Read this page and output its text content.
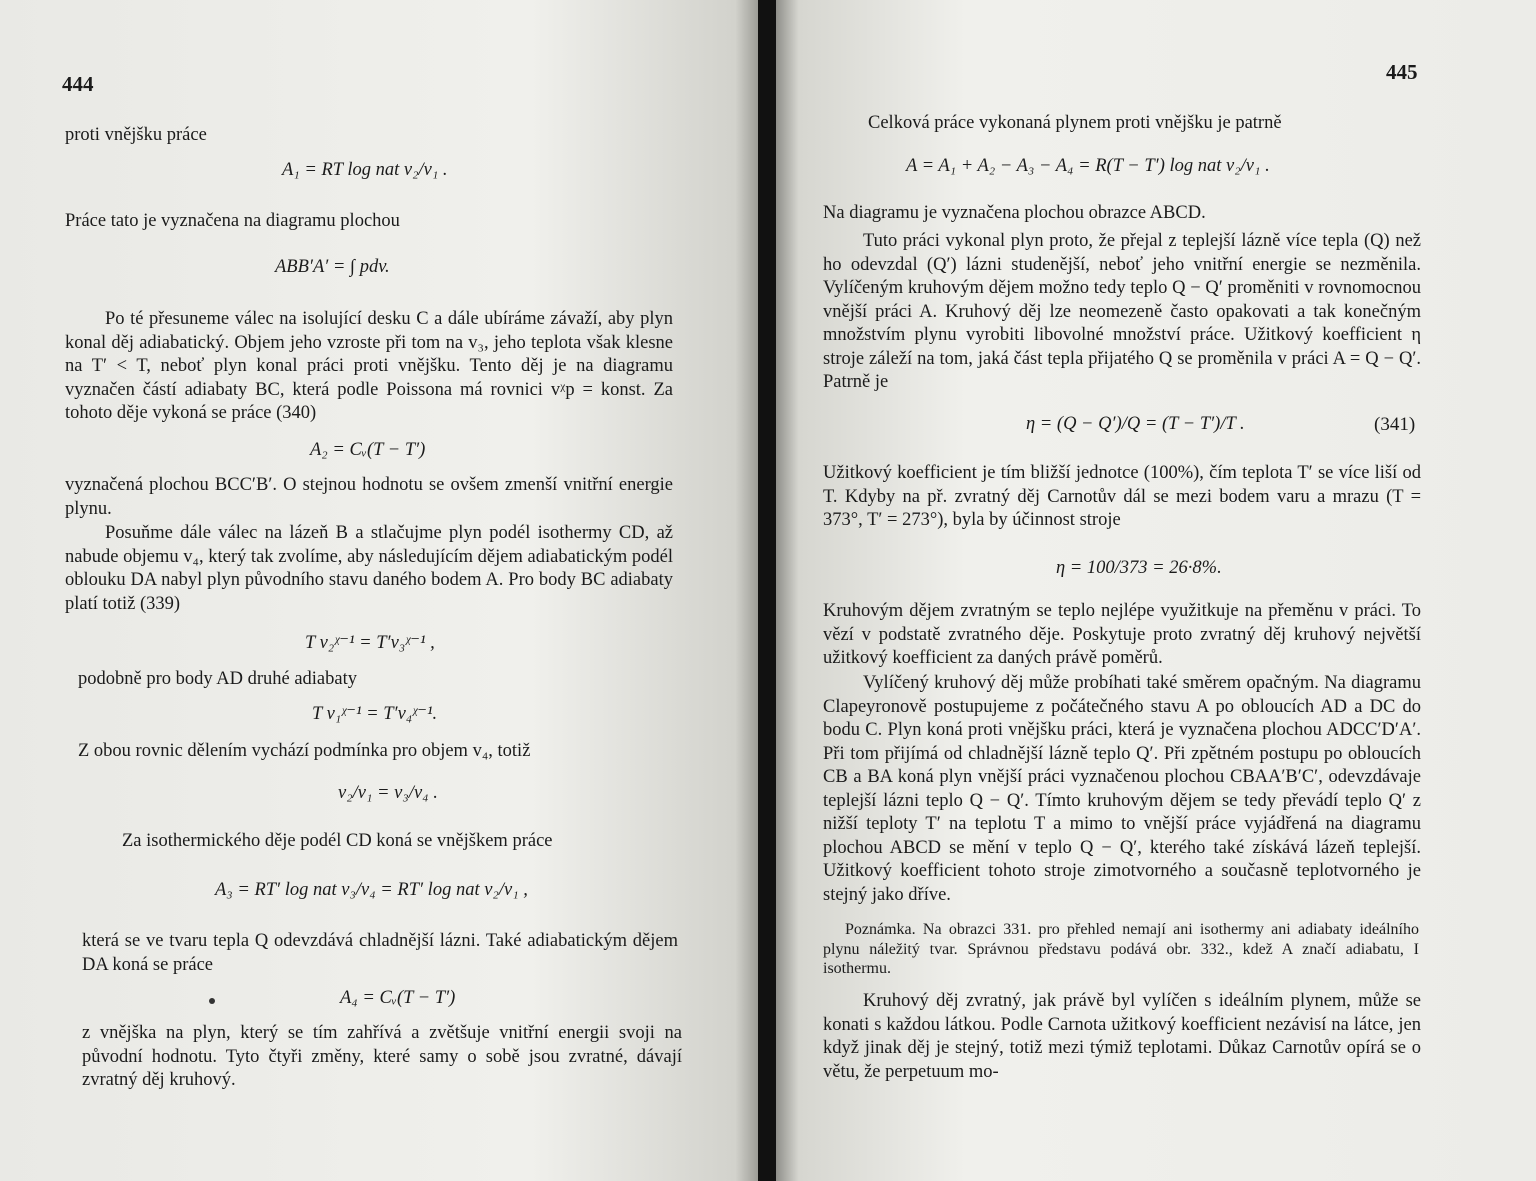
444

proti vnějšku práce

A₁ = RT log nat v₂/v₁ .

Práce tato je vyznačena na diagramu plochou

ABB′A′ = ∫ pdv.

Po té přesuneme válec na isolující desku C a dále ubíráme závaží, aby plyn konal děj adiabatický. Objem jeho vzroste při tom na v₃, jeho teplota však klesne na T′ < T, neboť plyn konal práci proti vnějšku. Tento děj je na diagramu vyznačen částí adiabaty BC, která podle Poissona má rovnici vᵡp = konst. Za tohoto děje vykoná se práce (340)

A₂ = Cᵥ(T − T′)

vyznačená plochou BCC′B′. O stejnou hodnotu se ovšem zmenší vnitřní energie plynu.

Posuňme dále válec na lázeň B a stlačujme plyn podél isothermy CD, až nabude objemu v₄, který tak zvolíme, aby následujícím dějem adiabatickým podél oblouku DA nabyl plyn původního stavu daného bodem A. Pro body BC adiabaty platí totiž (339)

T v₂ᵡ⁻¹ = T′v₃ᵡ⁻¹ ,

podobně pro body AD druhé adiabaty

T v₁ᵡ⁻¹ = T′v₄ᵡ⁻¹.

Z obou rovnic dělením vychází podmínka pro objem v₄, totiž

v₂/v₁ = v₃/v₄ .

Za isothermického děje podél CD koná se vnějškem práce

A₃ = RT′ log nat v₃/v₄ = RT′ log nat v₂/v₁ ,

která se ve tvaru tepla Q odevzdává chladnější lázni. Také adiabatickým dějem DA koná se práce

A₄ = Cᵥ(T − T′)

z vnějška na plyn, který se tím zahřívá a zvětšuje vnitřní energii svoji na původní hodnotu. Tyto čtyři změny, které samy o sobě jsou zvratné, dávají zvratný děj kruhový.

445

Celková práce vykonaná plynem proti vnějšku je patrně

A = A₁ + A₂ − A₃ − A₄ = R(T − T′) log nat v₂/v₁ .

Na diagramu je vyznačena plochou obrazce ABCD.

Tuto práci vykonal plyn proto, že přejal z teplejší lázně více tepla (Q) než ho odevzdal (Q′) lázni studenější, neboť jeho vnitřní energie se nezměnila. Vylíčeným kruhovým dějem možno tedy teplo Q − Q′ proměniti v rovnomocnou vnější práci A. Kruhový děj lze neomezeně často opakovati a tak konečným množstvím plynu vyrobiti libovolné množství práce. Užitkový koefficient η stroje záleží na tom, jaká část tepla přijatého Q se proměnila v práci A = Q − Q′. Patrně je

η = (Q − Q′)/Q = (T − T′)/T .	(341)

Užitkový koefficient je tím bližší jednotce (100%), čím teplota T′ se více liší od T. Kdyby na př. zvratný děj Carnotův dál se mezi bodem varu a mrazu (T = 373°, T′ = 273°), byla by účinnost stroje

η = 100/373 = 26·8%.

Kruhovým dějem zvratným se teplo nejlépe využitkuje na přeměnu v práci. To vězí v podstatě zvratného děje. Poskytuje proto zvratný děj kruhový největší užitkový koefficient za daných právě poměrů.

Vylíčený kruhový děj může probíhati také směrem opačným. Na diagramu Clapeyronově postupujeme z počátečného stavu A po obloucích AD a DC do bodu C. Plyn koná proti vnějšku práci, která je vyznačena plochou ADCC′D′A′. Při tom přijímá od chladnější lázně teplo Q′. Při zpětném postupu po obloucích CB a BA koná plyn vnější práci vyznačenou plochou CBAA′B′C′, odevzdávaje teplejší lázni teplo Q − Q′. Tímto kruhovým dějem se tedy převádí teplo Q′ z nižší teploty T′ na teplotu T a mimo to vnější práce vyjádřená na diagramu plochou ABCD se mění v teplo Q − Q′, kterého také získává lázeň teplejší. Užitkový koefficient tohoto stroje zimotvorného a současně teplotvorného je stejný jako dříve.

Poznámka. Na obrazci 331. pro přehled nemají ani isothermy ani adiabaty ideálního plynu náležitý tvar. Správnou představu podává obr. 332., kdež A značí adiabatu, I isothermu.

Kruhový děj zvratný, jak právě byl vylíčen s ideálním plynem, může se konati s každou látkou. Podle Carnota užitkový koefficient nezávisí na látce, jen když jinak děj je stejný, totiž mezi týmiž teplotami. Důkaz Carnotův opírá se o větu, že perpetuum mo-
